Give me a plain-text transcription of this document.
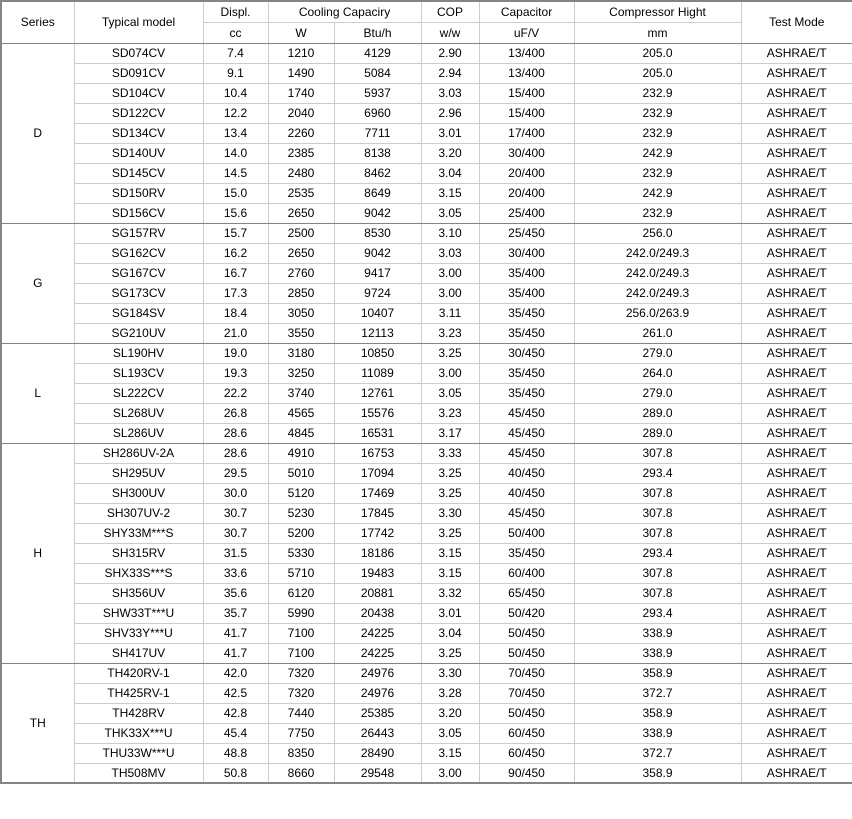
Series	Typical model	Displ.	Cooling Capaciry		COP	Capacitor	Compressor Hight	Test Mode
		cc	W	Btu/h	w/w	uF/V	mm	
D	SD074CV	7.4	1210	4129	2.90	13/400	205.0	ASHRAE/T
	SD091CV	9.1	1490	5084	2.94	13/400	205.0	ASHRAE/T
	SD104CV	10.4	1740	5937	3.03	15/400	232.9	ASHRAE/T
	SD122CV	12.2	2040	6960	2.96	15/400	232.9	ASHRAE/T
	SD134CV	13.4	2260	7711	3.01	17/400	232.9	ASHRAE/T
	SD140UV	14.0	2385	8138	3.20	30/400	242.9	ASHRAE/T
	SD145CV	14.5	2480	8462	3.04	20/400	232.9	ASHRAE/T
	SD150RV	15.0	2535	8649	3.15	20/400	242.9	ASHRAE/T
	SD156CV	15.6	2650	9042	3.05	25/400	232.9	ASHRAE/T
G	SG157RV	15.7	2500	8530	3.10	25/450	256.0	ASHRAE/T
	SG162CV	16.2	2650	9042	3.03	30/400	242.0/249.3	ASHRAE/T
	SG167CV	16.7	2760	9417	3.00	35/400	242.0/249.3	ASHRAE/T
	SG173CV	17.3	2850	9724	3.00	35/400	242.0/249.3	ASHRAE/T
	SG184SV	18.4	3050	10407	3.11	35/450	256.0/263.9	ASHRAE/T
	SG210UV	21.0	3550	12113	3.23	35/450	261.0	ASHRAE/T
L	SL190HV	19.0	3180	10850	3.25	30/450	279.0	ASHRAE/T
	SL193CV	19.3	3250	11089	3.00	35/450	264.0	ASHRAE/T
	SL222CV	22.2	3740	12761	3.05	35/450	279.0	ASHRAE/T
	SL268UV	26.8	4565	15576	3.23	45/450	289.0	ASHRAE/T
	SL286UV	28.6	4845	16531	3.17	45/450	289.0	ASHRAE/T
H	SH286UV-2A	28.6	4910	16753	3.33	45/450	307.8	ASHRAE/T
	SH295UV	29.5	5010	17094	3.25	40/450	293.4	ASHRAE/T
	SH300UV	30.0	5120	17469	3.25	40/450	307.8	ASHRAE/T
	SH307UV-2	30.7	5230	17845	3.30	45/450	307.8	ASHRAE/T
	SHY33M***S	30.7	5200	17742	3.25	50/400	307.8	ASHRAE/T
	SH315RV	31.5	5330	18186	3.15	35/450	293.4	ASHRAE/T
	SHX33S***S	33.6	5710	19483	3.15	60/400	307.8	ASHRAE/T
	SH356UV	35.6	6120	20881	3.32	65/450	307.8	ASHRAE/T
	SHW33T***U	35.7	5990	20438	3.01	50/420	293.4	ASHRAE/T
	SHV33Y***U	41.7	7100	24225	3.04	50/450	338.9	ASHRAE/T
	SH417UV	41.7	7100	24225	3.25	50/450	338.9	ASHRAE/T
TH	TH420RV-1	42.0	7320	24976	3.30	70/450	358.9	ASHRAE/T
	TH425RV-1	42.5	7320	24976	3.28	70/450	372.7	ASHRAE/T
	TH428RV	42.8	7440	25385	3.20	50/450	358.9	ASHRAE/T
	THK33X***U	45.4	7750	26443	3.05	60/450	338.9	ASHRAE/T
	THU33W***U	48.8	8350	28490	3.15	60/450	372.7	ASHRAE/T
	TH508MV	50.8	8660	29548	3.00	90/450	358.9	ASHRAE/T
